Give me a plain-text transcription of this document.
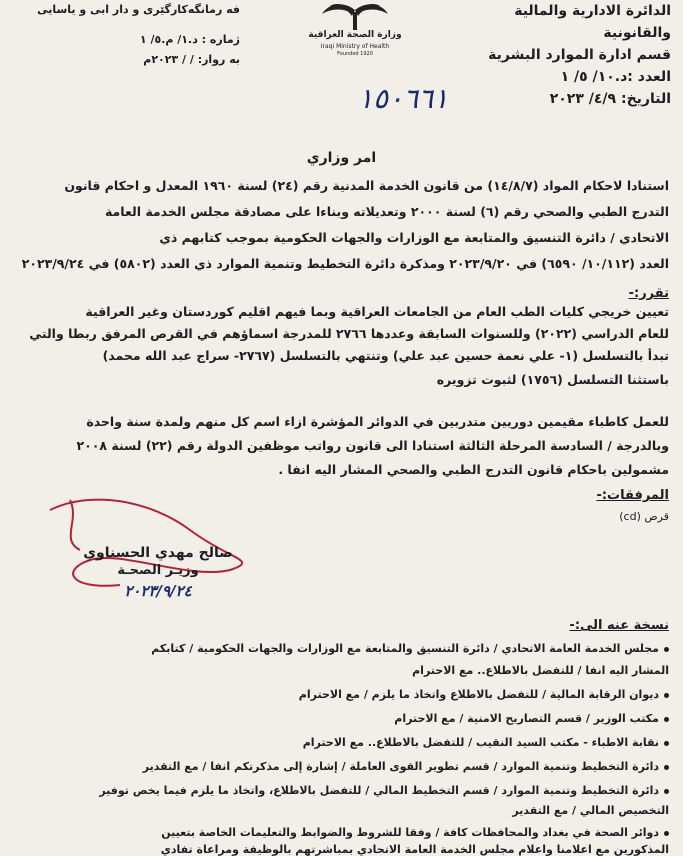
الدائرة الادارية والمالية والقانونية
قسم ادارة الموارد البشرية
العدد :د.١٠/ ٥/ ١
التاريخ: ٤/٩/ ٢٠٢٣
وزارة الصحة العراقية
Iraqi Ministry of Health
Founded 1920
فه رمانگه‌كارگێری و دار ابی و یاسایی
ژماره : د.١/ م.٥/ ١
به روار: / / ٢٠٢٣م
١٥٠٦٦١
امر وزاري
استنادا لاحكام المواد (١٤/٨/٧) من قانون الخدمة المدنية رقم (٢٤) لسنة ١٩٦٠ المعدل و احكام قانون
التدرج الطبي والصحي رقم (٦) لسنة ٢٠٠٠ وتعديلاته وبناءا على مصادقة مجلس الخدمة العامة
الاتحادي / دائرة التنسيق والمتابعة مع الوزارات والجهات الحكومية بموجب كتابهم ذي
العدد (١٠/١١٢/ ٦٥٩٠) في ٢٠٢٣/٩/٢٠ ومذكرة دائرة التخطيط وتنمية الموارد ذي العدد (٥٨٠٢) في ٢٠٢٣/٩/٢٤
تقرر:-
تعيين خريجي كليات الطب العام من الجامعات العراقية وبما فيهم اقليم كوردستان وغير العراقية
للعام الدراسي (٢٠٢٢) وللسنوات السابقة وعددها ٢٧٦٦ للمدرجة اسماؤهم في القرص المرفق ربطا والتي
تبدأ بالتسلسل (١- علي نعمة حسين عبد علي) وتنتهي بالتسلسل (٢٧٦٧- سراج عبد الله محمد)
باستثنا التسلسل (١٧٥٦) لثبوت تزويره
للعمل كاطباء مقيمين دوريين متدربين في الدوائر المؤشرة ازاء اسم كل منهم ولمدة سنة واحدة
وبالدرجة / السادسة المرحلة الثالثة استنادا الى قانون رواتب موظفين الدولة رقم (٢٢) لسنة ٢٠٠٨
مشمولين باحكام قانون التدرج الطبي والصحي المشار اليه انفا .
المرفقات:-
قرص (cd)
صالح مهدي الحسناوي
وزيـر الصحـة
٢٠٢٣/٩/٢٤
نسخة عنه الى:-
مجلس الخدمة العامة الاتحادي / دائرة التنسيق والمتابعة مع الوزارات والجهات الحكومية / كتابكم
المشار اليه انفا / للتفضل بالاطلاع.. مع الاحترام
ديوان الرقابة المالية / للتفضل بالاطلاع واتخاذ ما يلزم / مع الاحترام
مكتب الوزير / قسم التصاريح الامنية / مع الاحترام
نقابة الاطباء - مكتب السيد النقيب / للتفضل بالاطلاع.. مع الاحترام
دائرة التخطيط وتنمية الموارد / قسم تطوير القوى العاملة / إشارة إلى مذكرتكم انفا / مع التقدير
دائرة التخطيط وتنمية الموارد / قسم التخطيط المالي / للتفضل بالاطلاع، واتخاذ ما يلزم فيما يخص توفير
التخصيص المالي / مع التقدير
دوائر الصحة في بغداد والمحافظات كافة / وفقا للشروط والضوابط والتعليمات الخاصة بتعيين
المذكورين مع اعلامنا واعلام مجلس الخدمة العامة الاتحادي بمباشرتهم بالوظيفة ومراعاة تفادي
